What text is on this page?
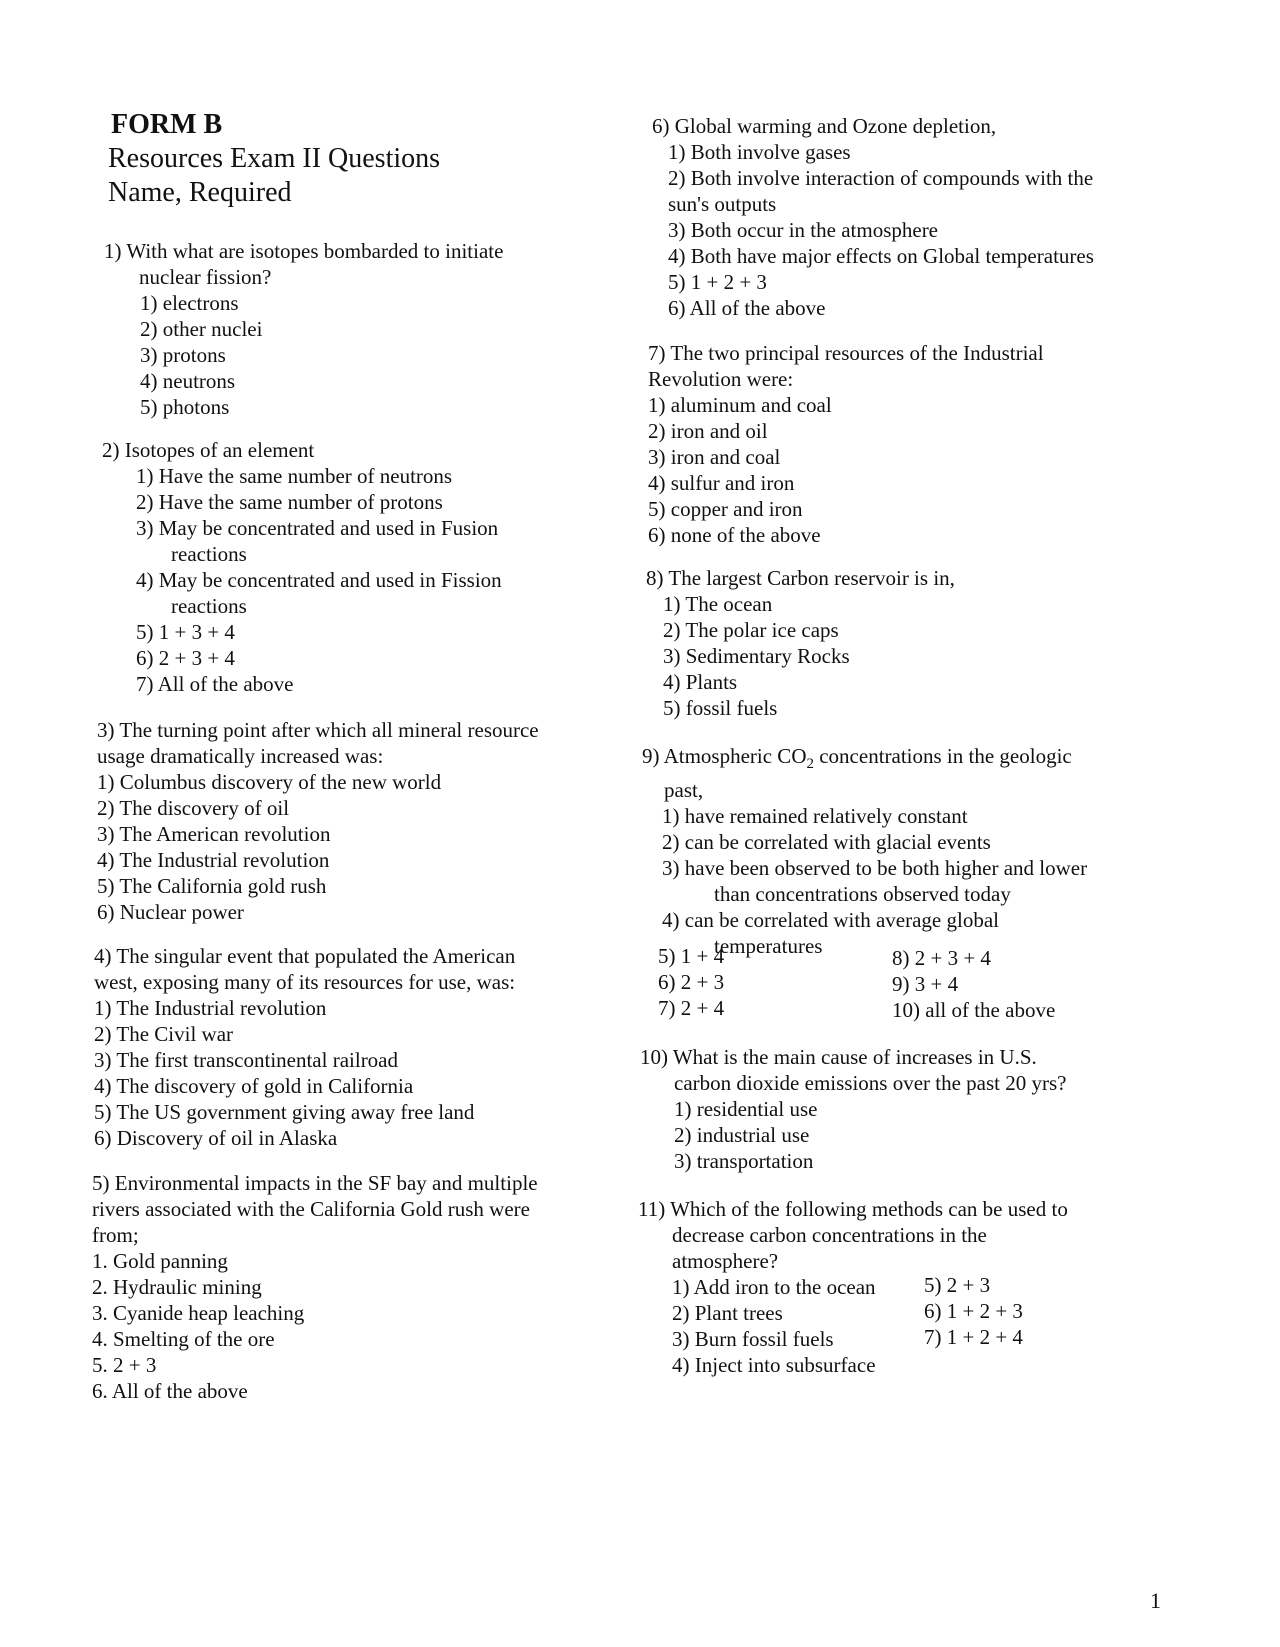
FORM B
Resources Exam II Questions
Name, Required
1) With what are isotopes bombarded to initiate
nuclear fission?
1) electrons
2) other nuclei
3) protons
4) neutrons
5) photons
2) Isotopes of an element
1) Have the same number of neutrons
2) Have the same number of protons
3) May be concentrated and used in Fusion
reactions
4) May be concentrated and used in Fission
reactions
5) 1 + 3 + 4
6) 2 + 3 + 4
7) All of the above
3) The turning point after which all mineral resource
usage dramatically increased was:
1) Columbus discovery of the new world
2) The discovery of oil
3) The American revolution
4) The Industrial revolution
5) The California gold rush
6) Nuclear power
4) The singular event that populated the American
west, exposing many of its resources for use, was:
1) The Industrial revolution
2) The Civil war
3) The first transcontinental railroad
4) The discovery of gold in California
5) The US government giving away free land
6) Discovery of oil in Alaska
5) Environmental impacts in the SF bay and multiple
rivers associated with the California Gold rush were
from;
1. Gold panning
2. Hydraulic mining
3. Cyanide heap leaching
4. Smelting of the ore
5. 2 + 3
6. All of the above
6) Global warming and Ozone depletion,
1) Both involve gases
2) Both involve interaction of compounds with the
sun's outputs
3) Both occur in the atmosphere
4) Both have major effects on Global temperatures
5) 1 + 2 + 3
6) All of the above
7) The two principal resources of the Industrial
Revolution were:
1) aluminum and coal
2) iron and oil
3) iron and coal
4) sulfur and iron
5) copper and iron
6) none of the above
8) The largest Carbon reservoir is in,
1) The ocean
2) The polar ice caps
3) Sedimentary Rocks
4) Plants
5) fossil fuels
9) Atmospheric $CO_2$ concentrations in the geologic
past,
1) have remained relatively constant
2) can be correlated with glacial events
3) have been observed to be both higher and lower
than concentrations observed today
4) can be correlated with average global
temperatures
5) 1 + 4
6) 2 + 3
7) 2 + 4
8) 2 + 3 + 4
9) 3 + 4
10) all of the above
10) What is the main cause of increases in U.S.
carbon dioxide emissions over the past 20 yrs?
1) residential use
2) industrial use
3) transportation
11) Which of the following methods can be used to
decrease carbon concentrations in the
atmosphere?
1) Add iron to the ocean
2) Plant trees
3) Burn fossil fuels
4) Inject into subsurface
5) 2 + 3
6) 1 + 2 + 3
7) 1 + 2 + 4
1
